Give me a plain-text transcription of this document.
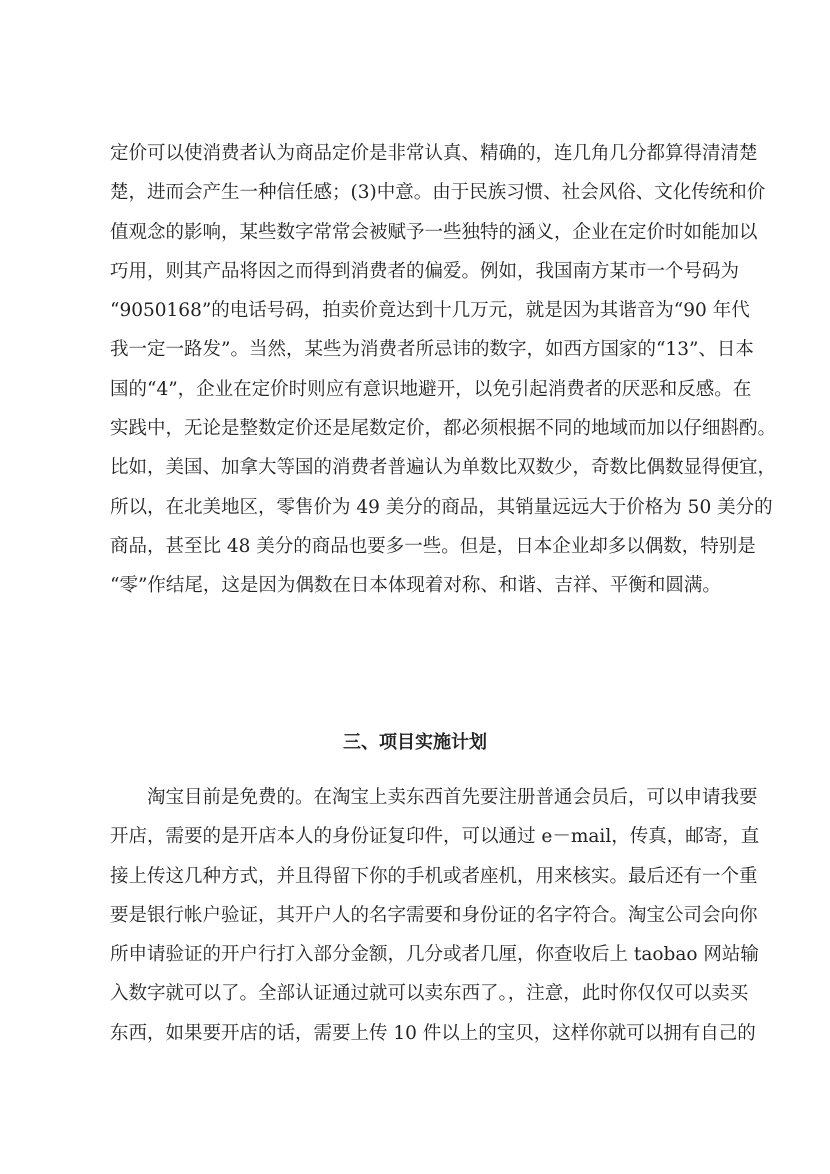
定价可以使消费者认为商品定价是非常认真、精确的，连几角几分都算得清清楚
楚，进而会产生一种信任感；(3)中意。由于民族习惯、社会风俗、文化传统和价
值观念的影响，某些数字常常会被赋予一些独特的涵义，企业在定价时如能加以
巧用，则其产品将因之而得到消费者的偏爱。例如，我国南方某市一个号码为
“9050168”的电话号码，拍卖价竟达到十几万元，就是因为其谐音为“90 年代
我一定一路发”。当然，某些为消费者所忌讳的数字，如西方国家的“13”、日本
国的“4”，企业在定价时则应有意识地避开，以免引起消费者的厌恶和反感。在
实践中，无论是整数定价还是尾数定价，都必须根据不同的地域而加以仔细斟酌。
比如，美国、加拿大等国的消费者普遍认为单数比双数少，奇数比偶数显得便宜，
所以，在北美地区，零售价为 49 美分的商品，其销量远远大于价格为 50 美分的
商品，甚至比 48 美分的商品也要多一些。但是，日本企业却多以偶数，特别是
“零”作结尾，这是因为偶数在日本体现着对称、和谐、吉祥、平衡和圆满。
三、项目实施计划
淘宝目前是免费的。在淘宝上卖东西首先要注册普通会员后，可以申请我要
开店，需要的是开店本人的身份证复印件，可以通过 e－mail，传真，邮寄，直
接上传这几种方式，并且得留下你的手机或者座机，用来核实。最后还有一个重
要是银行帐户验证，其开户人的名字需要和身份证的名字符合。淘宝公司会向你
所申请验证的开户行打入部分金额，几分或者几厘，你查收后上 taobao 网站输
入数字就可以了。全部认证通过就可以卖东西了。，注意，此时你仅仅可以卖买
东西，如果要开店的话，需要上传 10 件以上的宝贝，这样你就可以拥有自己的
